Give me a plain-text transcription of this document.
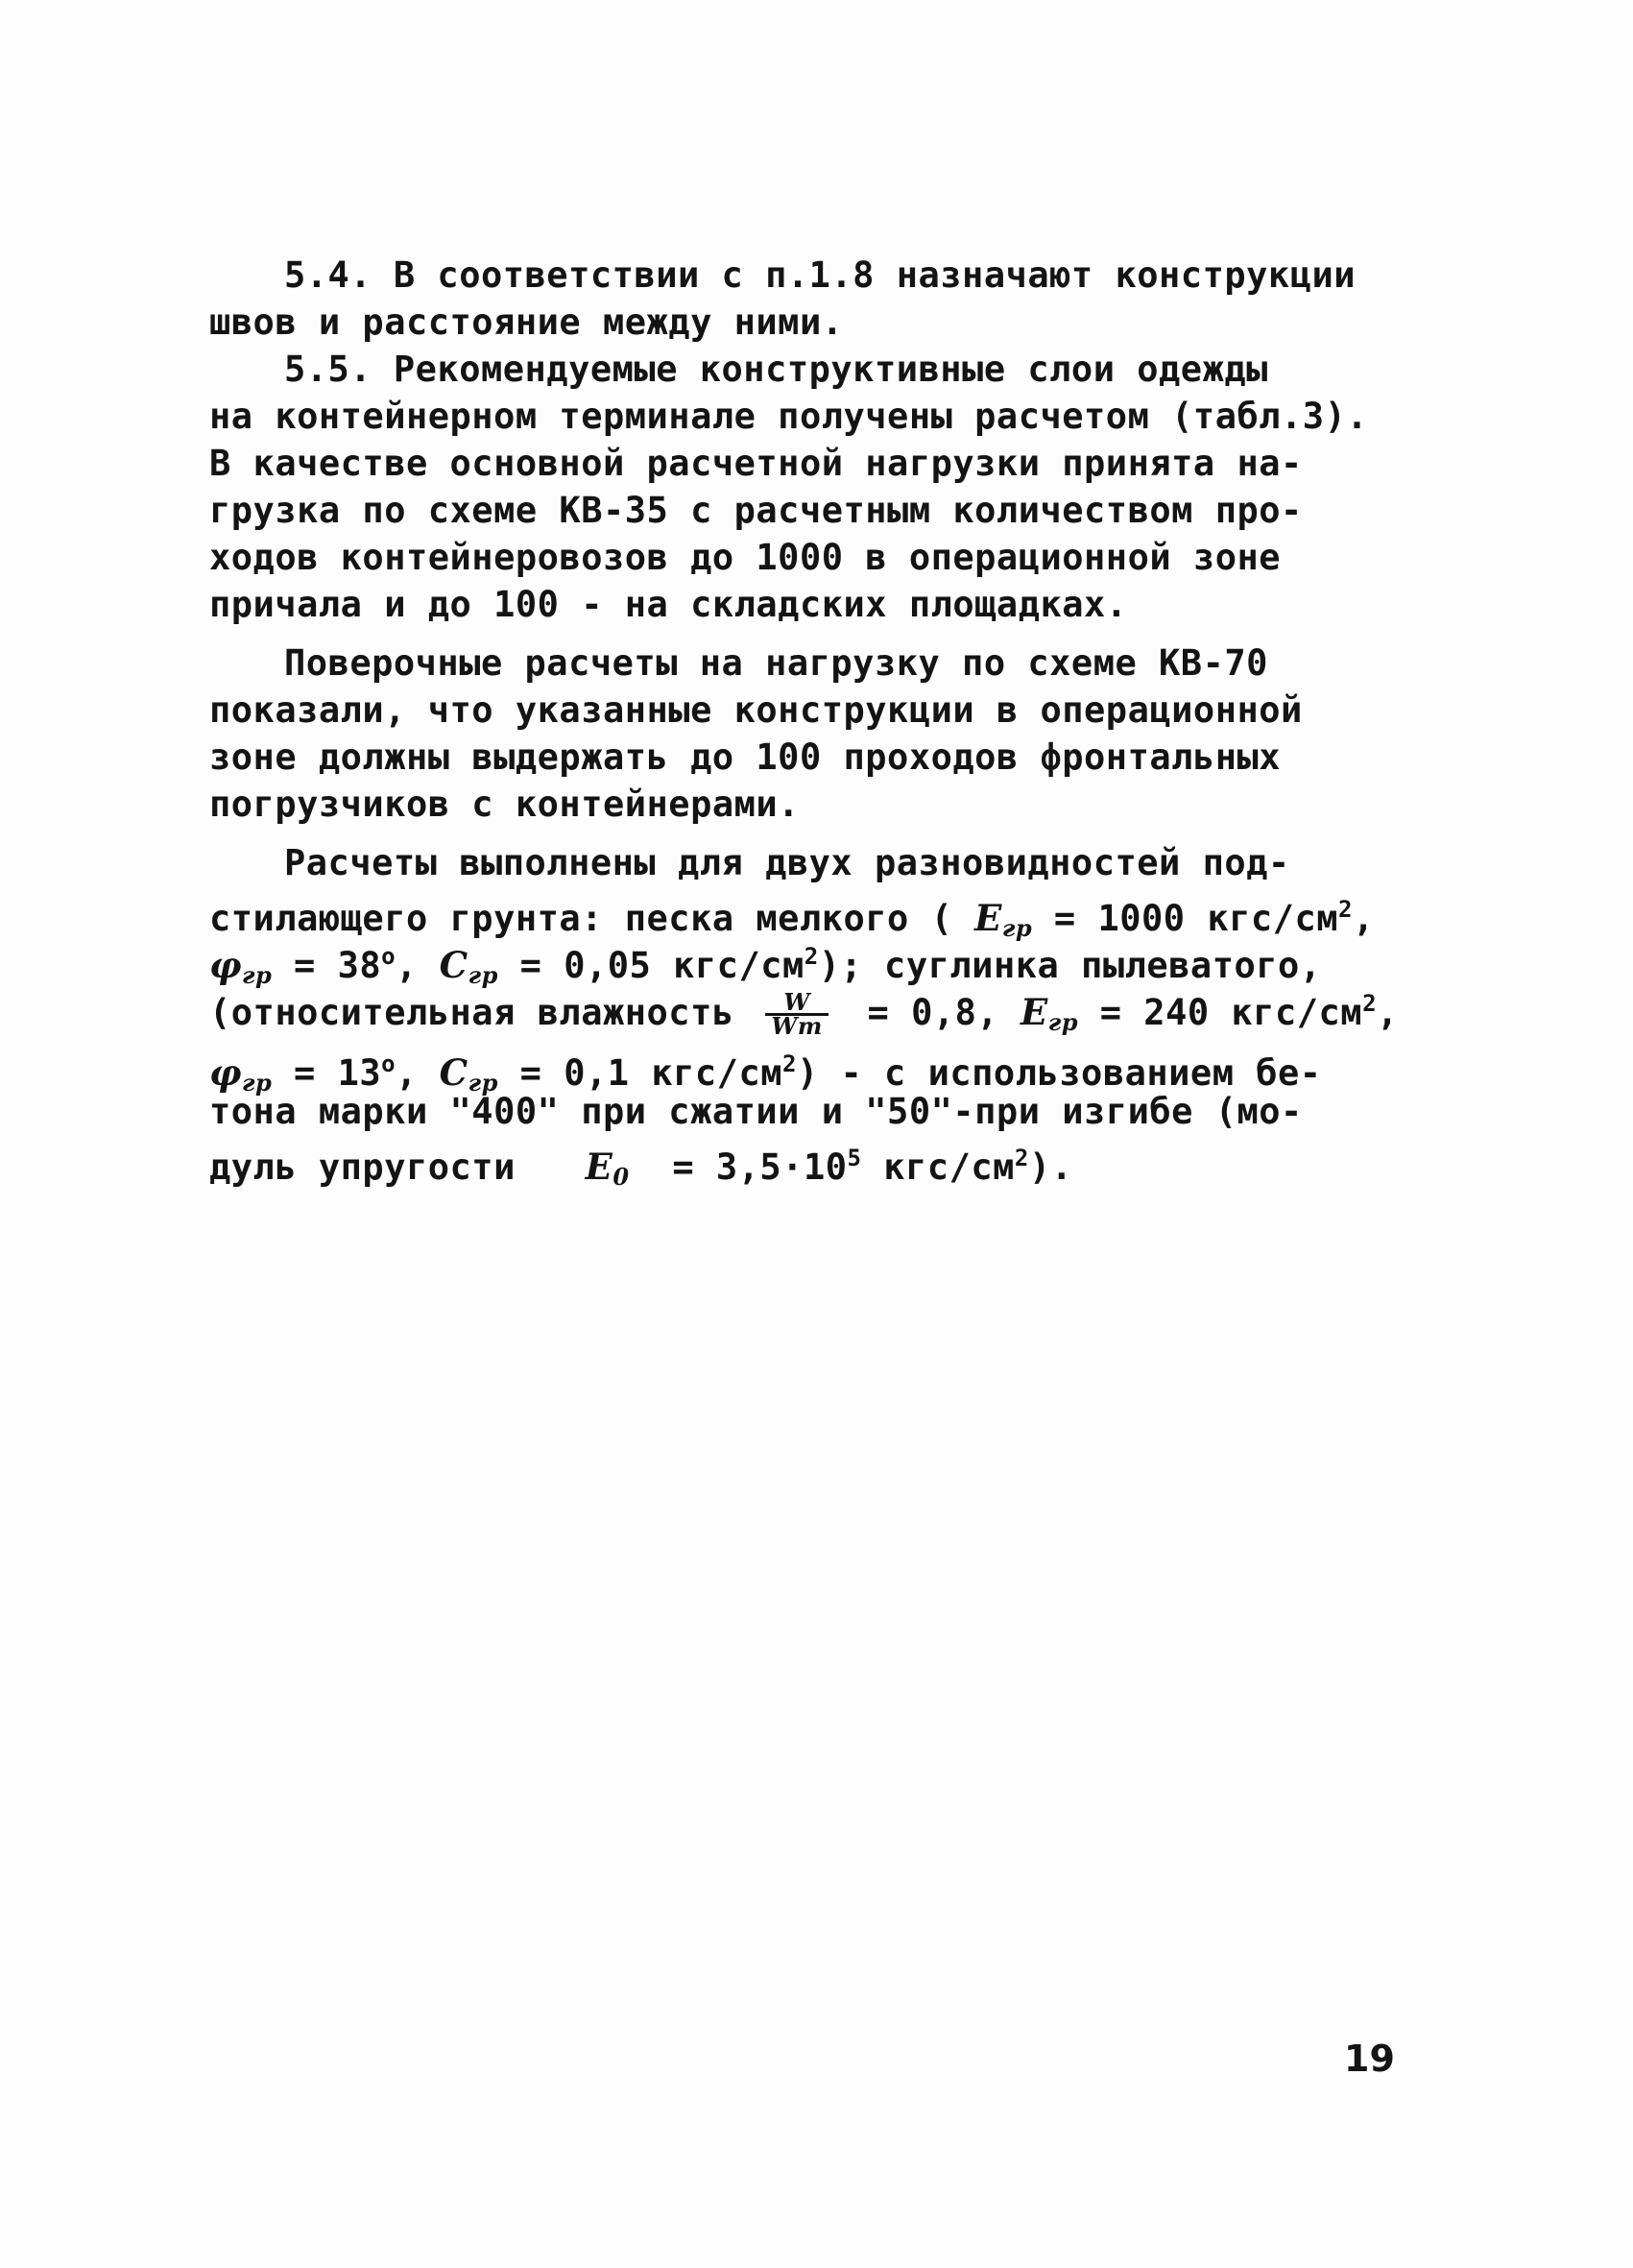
5.4. В соответствии с п.1.8 назначают конструкции
швов и расстояние между ними.
5.5. Рекомендуемые конструктивные слои одежды
на контейнерном терминале получены расчетом (табл.3).
В качестве основной расчетной нагрузки принята на-
грузка по схеме КВ-35 с расчетным количеством про-
ходов контейнеровозов до 1000 в операционной зоне
причала и до 100 - на складских площадках.
Поверочные расчеты на нагрузку по схеме КВ-70
показали, что указанные конструкции в операционной
зоне должны выдержать до 100 проходов фронтальных
погрузчиков с контейнерами.
Расчеты выполнены для двух разновидностей под-
стилающего грунта: песка мелкого ( $E_{гр} = 1000$ кгс/$см^2$,
$\varphi_{гр} = 38^o$, $C_{гр} = 0,05$ кгс/$см^2$); суглинка пылеватого,
(относительная влажность $\frac{W}{Wт} = 0,8$, $E_{гр} = 240$ кгс/$см^2$,
$\varphi_{гр} = 13^o$, $C_{гр} = 0,1$ кгс/$см^2$) - с использованием бе-
тона марки "400" при сжатии и "50"-при изгибе (мо-
дуль упругости $E_0 = 3,5\cdot 10^5$ кгс/$см^2$).
19
